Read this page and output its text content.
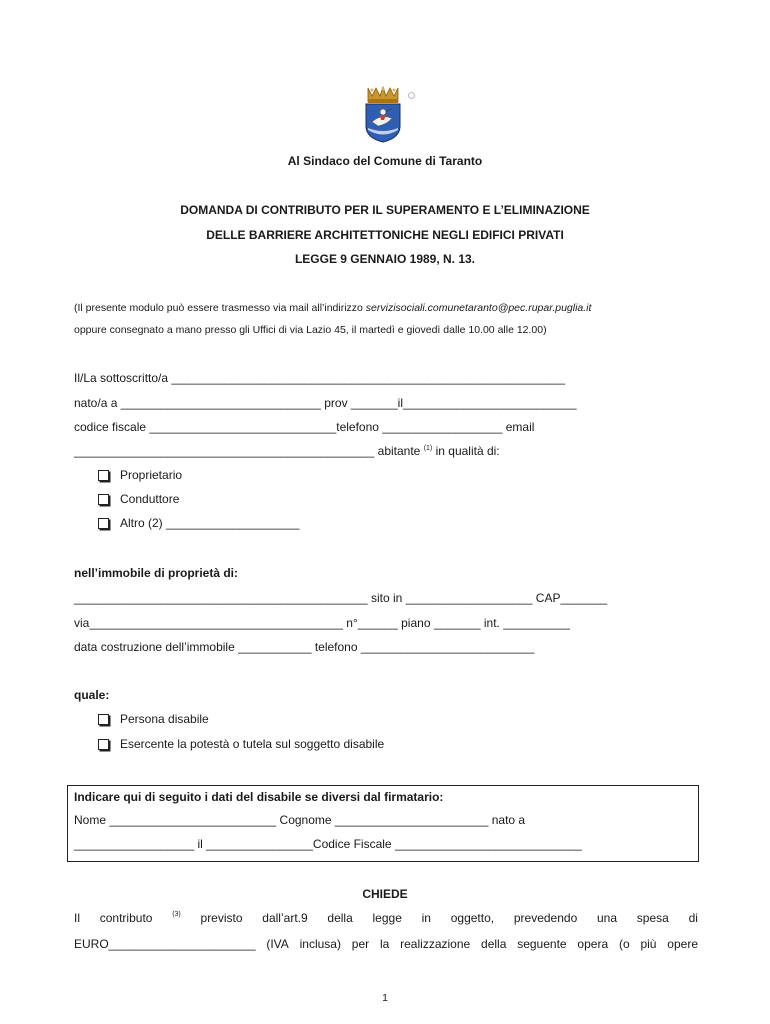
Al Sindaco del Comune di Taranto
DOMANDA DI CONTRIBUTO PER IL SUPERAMENTO E L’ELIMINAZIONE
DELLE BARRIERE ARCHITETTONICHE NEGLI EDIFICI PRIVATI
LEGGE 9 GENNAIO 1989, N. 13.
(Il presente modulo può essere trasmesso via mail all’indirizzo servizisociali.comunetaranto@pec.rupar.puglia.it
oppure consegnato a mano presso gli Uffici di via Lazio 45, il martedì e giovedì dalle 10.00 alle 12.00)
Il/La sottoscritto/a ___________________________________________________________
nato/a a ______________________________ prov _______il__________________________
codice fiscale ____________________________telefono __________________ email
_____________________________________________ abitante $^{(1)}$ in qualità di:
Proprietario
Conduttore
Altro (2) ____________________
nell’immobile di proprietà di:
____________________________________________ sito in ___________________ CAP_______
via______________________________________ n°______ piano _______ int. __________
data costruzione dell’immobile ___________ telefono __________________________
quale:
Persona disabile
Esercente la potestà o tutela sul soggetto disabile
Indicare qui di seguito i dati del disabile se diversi dal firmatario:
Nome _________________________ Cognome _______________________ nato a
__________________ il ________________Codice Fiscale ____________________________
CHIEDE
Il contributo	(3) previsto dall’art.9 della legge in oggetto, prevedendo una spesa di
EURO______________________ (IVA inclusa) per la realizzazione della seguente opera (o più opere
1
